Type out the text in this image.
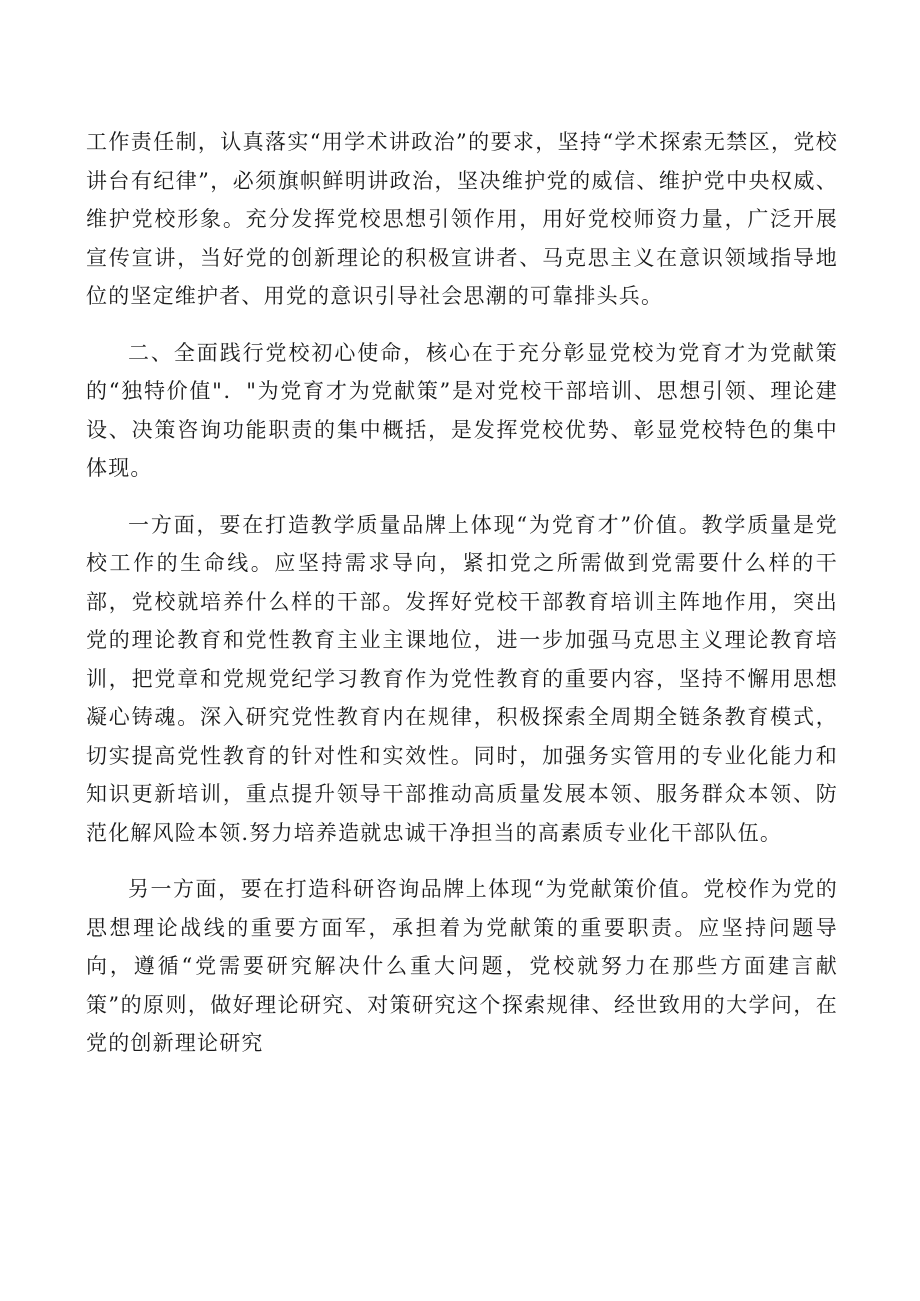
工作责任制，认真落实“用学术讲政治”的要求，坚持“学术探索无禁区，党校讲台有纪律”，必须旗帜鲜明讲政治，坚决维护党的威信、维护党中央权威、维护党校形象。充分发挥党校思想引领作用，用好党校师资力量，广泛开展宣传宣讲，当好党的创新理论的积极宣讲者、马克思主义在意识领域指导地位的坚定维护者、用党的意识引导社会思潮的可靠排头兵。

二、全面践行党校初心使命，核心在于充分彰显党校为党育才为党献策的“独特价值"．"为党育才为党献策”是对党校干部培训、思想引领、理论建设、决策咨询功能职责的集中概括，是发挥党校优势、彰显党校特色的集中体现。

一方面，要在打造教学质量品牌上体现“为党育才”价值。教学质量是党校工作的生命线。应坚持需求导向，紧扣党之所需做到党需要什么样的干部，党校就培养什么样的干部。发挥好党校干部教育培训主阵地作用，突出党的理论教育和党性教育主业主课地位，进一步加强马克思主义理论教育培训，把党章和党规党纪学习教育作为党性教育的重要内容，坚持不懈用思想凝心铸魂。深入研究党性教育内在规律，积极探索全周期全链条教育模式，切实提高党性教育的针对性和实效性。同时，加强务实管用的专业化能力和知识更新培训，重点提升领导干部推动高质量发展本领、服务群众本领、防范化解风险本领.努力培养造就忠诚干净担当的高素质专业化干部队伍。

另一方面，要在打造科研咨询品牌上体现“为党献策价值。党校作为党的思想理论战线的重要方面军，承担着为党献策的重要职责。应坚持问题导向，遵循“党需要研究解决什么重大问题，党校就努力在那些方面建言献策”的原则，做好理论研究、对策研究这个探索规律、经世致用的大学问，在党的创新理论研究
